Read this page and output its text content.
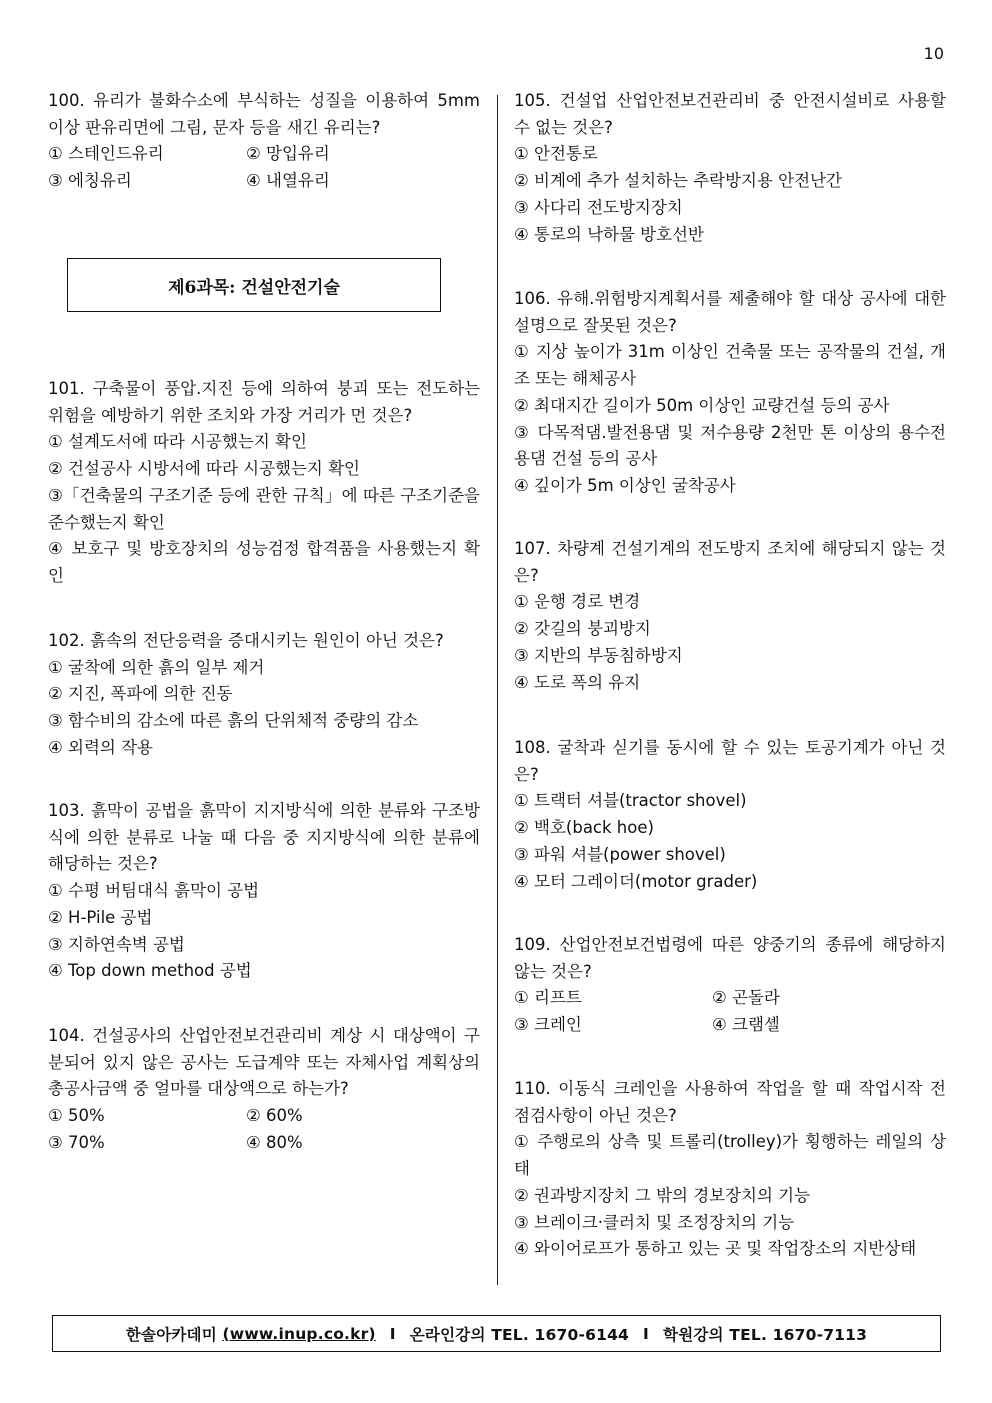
10

100. 유리가 불화수소에 부식하는 성질을 이용하여 5mm 이상 판유리면에 그림, 문자 등을 새긴 유리는?

① 스테인드유리	② 망입유리

③ 에칭유리	④ 내열유리

101. 구축물이 풍압.지진 등에 의하여 붕괴 또는 전도하는 위험을 예방하기 위한 조치와 가장 거리가 먼 것은?

① 설계도서에 따라 시공했는지 확인

② 건설공사 시방서에 따라 시공했는지 확인

③「건축물의 구조기준 등에 관한 규칙」에 따른 구조기준을 준수했는지 확인

④ 보호구 및 방호장치의 성능검정 합격품을 사용했는지 확인

102. 흙속의 전단응력을 증대시키는 원인이 아닌 것은?

① 굴착에 의한 흙의 일부 제거

② 지진, 폭파에 의한 진동

③ 함수비의 감소에 따른 흙의 단위체적 중량의 감소

④ 외력의 작용

103. 흙막이 공법을 흙막이 지지방식에 의한 분류와 구조방식에 의한 분류로 나눌 때 다음 중 지지방식에 의한 분류에 해당하는 것은?

① 수평 버팀대식 흙막이 공법

② H-Pile 공법

③ 지하연속벽 공법

④ Top down method 공법

104. 건설공사의 산업안전보건관리비 계상 시 대상액이 구분되어 있지 않은 공사는 도급계약 또는 자체사업 계획상의 총공사금액 중 얼마를 대상액으로 하는가?

① 50%	② 60%

③ 70%	④ 80%

제6과목: 건설안전기술

105. 건설업 산업안전보건관리비 중 안전시설비로 사용할 수 없는 것은?

① 안전통로

② 비계에 추가 설치하는 추락방지용 안전난간

③ 사다리 전도방지장치

④ 통로의 낙하물 방호선반

106. 유해.위험방지계획서를 제출해야 할 대상 공사에 대한 설명으로 잘못된 것은?

① 지상 높이가 31m 이상인 건축물 또는 공작물의 건설, 개조 또는 해체공사

② 최대지간 길이가 50m 이상인 교량건설 등의 공사

③ 다목적댐.발전용댐 및 저수용량 2천만 톤 이상의 용수전용댐 건설 등의 공사

④ 깊이가 5m 이상인 굴착공사

107. 차량계 건설기계의 전도방지 조치에 해당되지 않는 것은?

① 운행 경로 변경

② 갓길의 붕괴방지

③ 지반의 부동침하방지

④ 도로 폭의 유지

108. 굴착과 싣기를 동시에 할 수 있는 토공기계가 아닌 것은?

① 트랙터 셔블(tractor shovel)

② 백호(back hoe)

③ 파워 셔블(power shovel)

④ 모터 그레이더(motor grader)

109. 산업안전보건법령에 따른 양중기의 종류에 해당하지 않는 것은?

① 리프트	② 곤돌라

③ 크레인	④ 크램셸

110. 이동식 크레인을 사용하여 작업을 할 때 작업시작 전 점검사항이 아닌 것은?

① 주행로의 상측 및 트롤리(trolley)가 횡행하는 레일의 상태

② 권과방지장치 그 밖의 경보장치의 기능

③ 브레이크·클러치 및 조정장치의 기능

④ 와이어로프가 통하고 있는 곳 및 작업장소의 지반상태

한솔아카데미
(www.inup.co.kr) I 온라인강의 TEL. 1670-6144 I 학원강의 TEL. 1670-7113
